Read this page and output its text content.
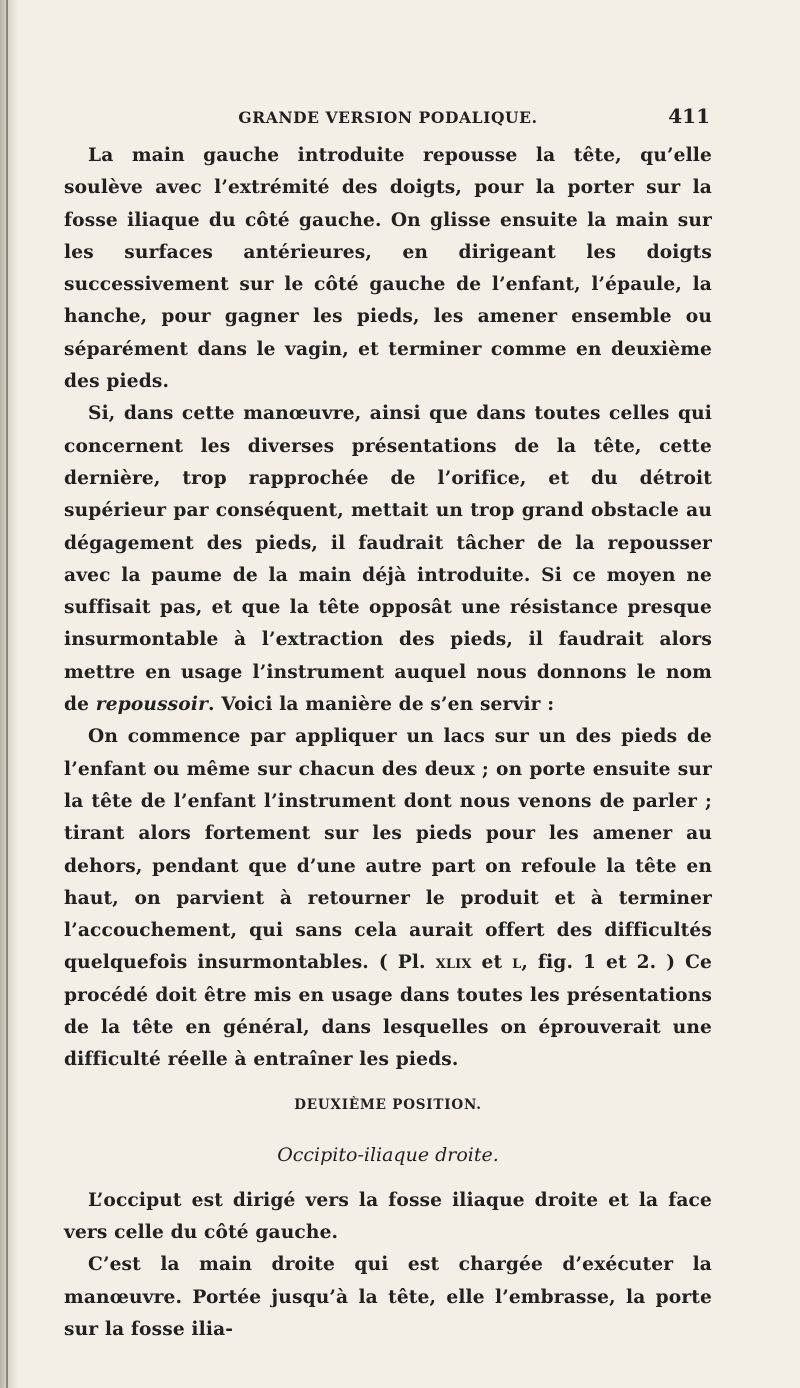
GRANDE VERSION PODALIQUE.	411

La main gauche introduite repousse la tête, qu’elle soulève avec l’extrémité des doigts, pour la porter sur la fosse iliaque du côté gauche. On glisse ensuite la main sur les surfaces antérieures, en dirigeant les doigts successivement sur le côté gauche de l’enfant, l’épaule, la hanche, pour gagner les pieds, les amener ensemble ou séparément dans le vagin, et terminer comme en deuxième des pieds.

Si, dans cette manœuvre, ainsi que dans toutes celles qui concernent les diverses présentations de la tête, cette dernière, trop rapprochée de l’orifice, et du détroit supérieur par conséquent, mettait un trop grand obstacle au dégagement des pieds, il faudrait tâcher de la repousser avec la paume de la main déjà introduite. Si ce moyen ne suffisait pas, et que la tête opposât une résistance presque insurmontable à l’extraction des pieds, il faudrait alors mettre en usage l’instrument auquel nous donnons le nom de repoussoir. Voici la manière de s’en servir :

On commence par appliquer un lacs sur un des pieds de l’enfant ou même sur chacun des deux ; on porte ensuite sur la tête de l’enfant l’instrument dont nous venons de parler ; tirant alors fortement sur les pieds pour les amener au dehors, pendant que d’une autre part on refoule la tête en haut, on parvient à retourner le produit et à terminer l’accouchement, qui sans cela aurait offert des difficultés quelquefois insurmontables. ( Pl. xlix et l, fig. 1 et 2. ) Ce procédé doit être mis en usage dans toutes les présentations de la tête en général, dans lesquelles on éprouverait une difficulté réelle à entraîner les pieds.

DEUXIÈME POSITION.
Occipito-iliaque droite.

L’occiput est dirigé vers la fosse iliaque droite et la face vers celle du côté gauche.

C’est la main droite qui est chargée d’exécuter la manœuvre. Portée jusqu’à la tête, elle l’embrasse, la porte sur la fosse ilia-
